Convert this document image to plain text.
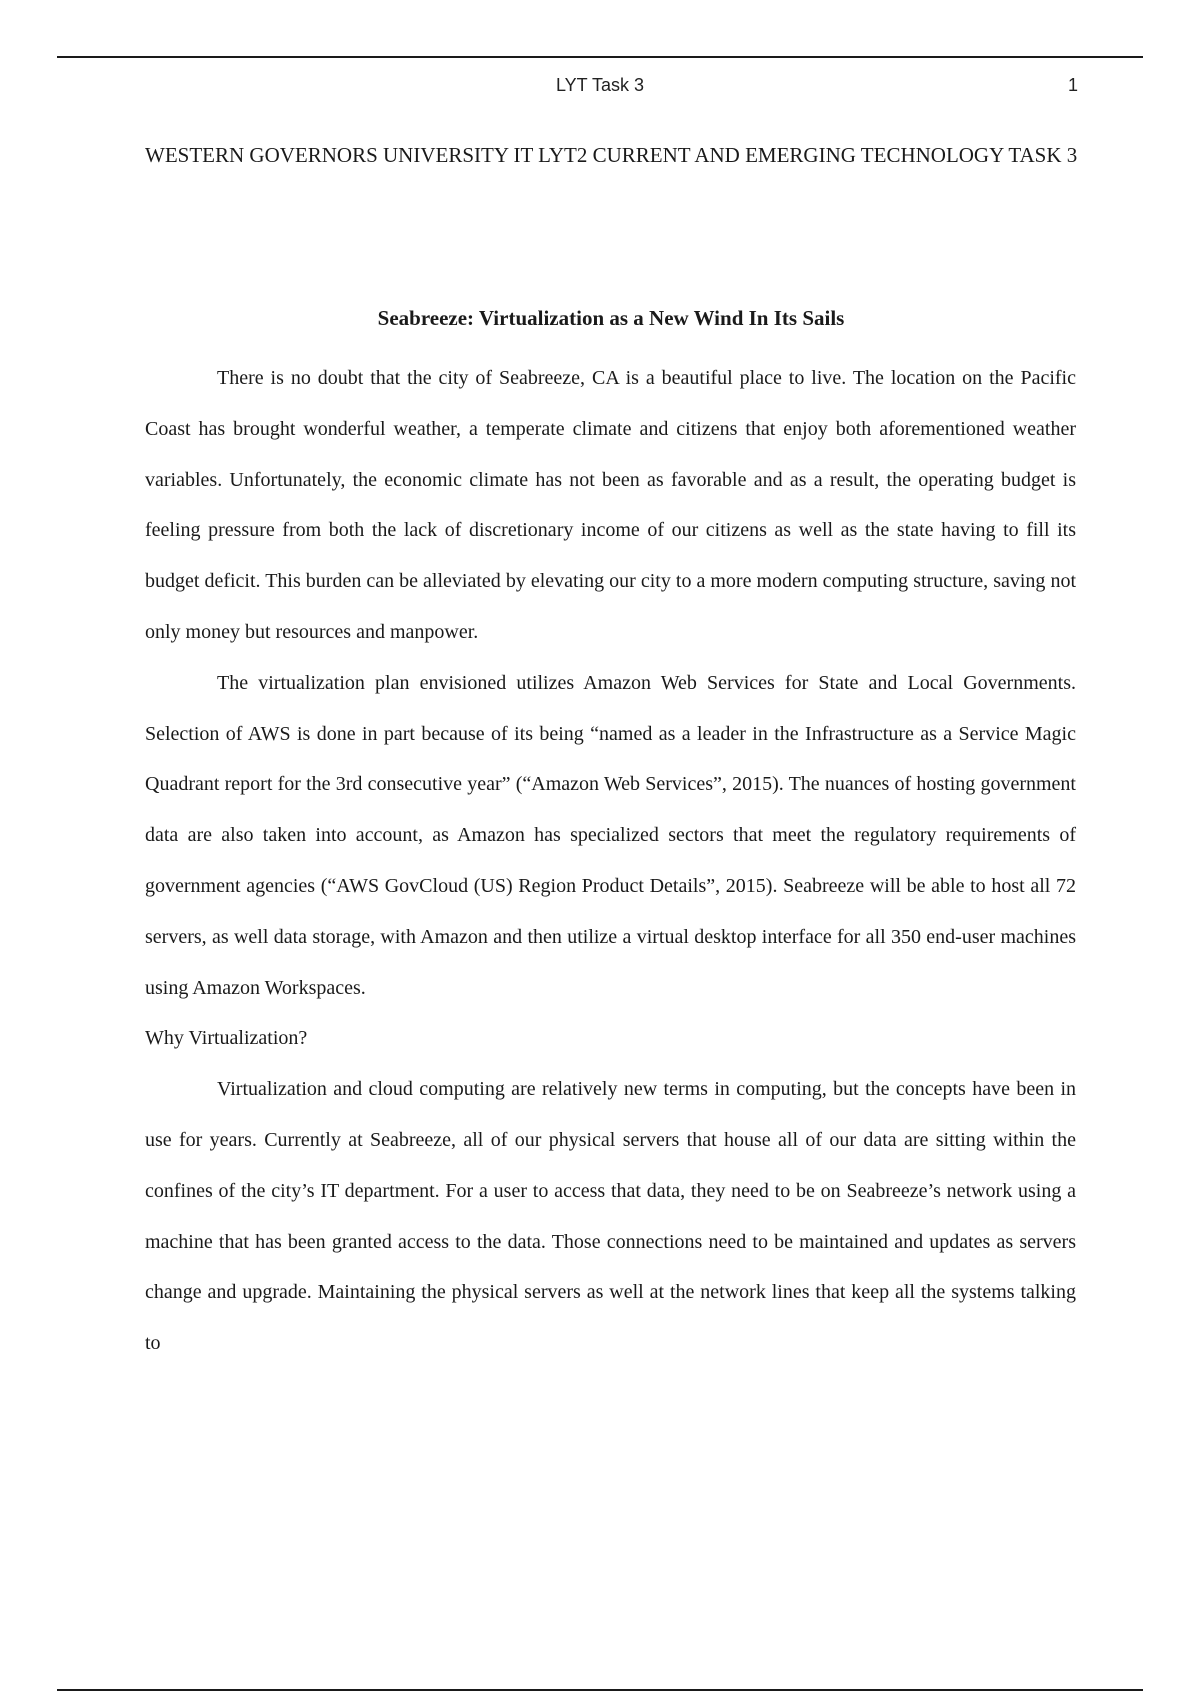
LYT Task 3	1
WESTERN GOVERNORS UNIVERSITY IT LYT2 CURRENT AND EMERGING TECHNOLOGY TASK 3
Seabreeze: Virtualization as a New Wind In Its Sails

There is no doubt that the city of Seabreeze, CA is a beautiful place to live. The location on the Pacific Coast has brought wonderful weather, a temperate climate and citizens that enjoy both aforementioned weather variables. Unfortunately, the economic climate has not been as favorable and as a result, the operating budget is feeling pressure from both the lack of discretionary income of our citizens as well as the state having to fill its budget deficit. This burden can be alleviated by elevating our city to a more modern computing structure, saving not only money but resources and manpower.

The virtualization plan envisioned utilizes Amazon Web Services for State and Local Governments. Selection of AWS is done in part because of its being “named as a leader in the Infrastructure as a Service Magic Quadrant report for the 3rd consecutive year” (“Amazon Web Services”, 2015). The nuances of hosting government data are also taken into account, as Amazon has specialized sectors that meet the regulatory requirements of government agencies (“AWS GovCloud (US) Region Product Details”, 2015). Seabreeze will be able to host all 72 servers, as well data storage, with Amazon and then utilize a virtual desktop interface for all 350 end-user machines using Amazon Workspaces.

Why Virtualization?

Virtualization and cloud computing are relatively new terms in computing, but the concepts have been in use for years. Currently at Seabreeze, all of our physical servers that house all of our data are sitting within the confines of the city’s IT department. For a user to access that data, they need to be on Seabreeze’s network using a machine that has been granted access to the data. Those connections need to be maintained and updates as servers change and upgrade. Maintaining the physical servers as well at the network lines that keep all the systems talking to
